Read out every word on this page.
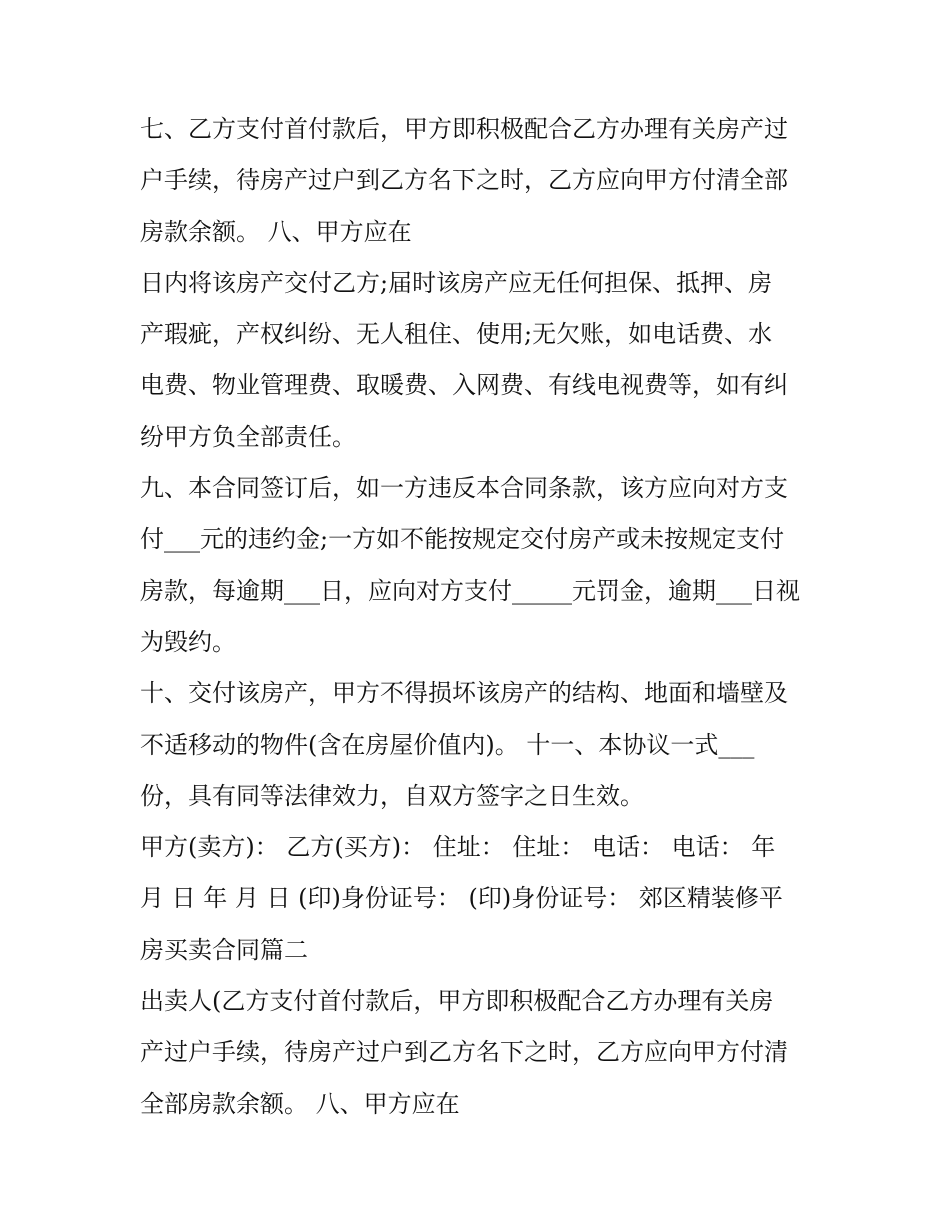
七、乙方支付首付款后，甲方即积极配合乙方办理有关房产过
户手续，待房产过户到乙方名下之时，乙方应向甲方付清全部
房款余额。 八、甲方应在
日内将该房产交付乙方;届时该房产应无任何担保、抵押、房
产瑕疵，产权纠纷、无人租住、使用;无欠账，如电话费、水
电费、物业管理费、取暖费、入网费、有线电视费等，如有纠
纷甲方负全部责任。
九、本合同签订后，如一方违反本合同条款，该方应向对方支
付___元的违约金;一方如不能按规定交付房产或未按规定支付
房款，每逾期___日，应向对方支付_____元罚金，逾期___日视
为毁约。
十、交付该房产，甲方不得损坏该房产的结构、地面和墙壁及
不适移动的物件(含在房屋价值内)。 十一、本协议一式___
份，具有同等法律效力，自双方签字之日生效。
甲方(卖方)： 乙方(买方)： 住址： 住址： 电话： 电话： 年
月 日 年 月 日 (印)身份证号： (印)身份证号： 郊区精装修平
房买卖合同篇二
出卖人(乙方支付首付款后，甲方即积极配合乙方办理有关房
产过户手续，待房产过户到乙方名下之时，乙方应向甲方付清
全部房款余额。 八、甲方应在
